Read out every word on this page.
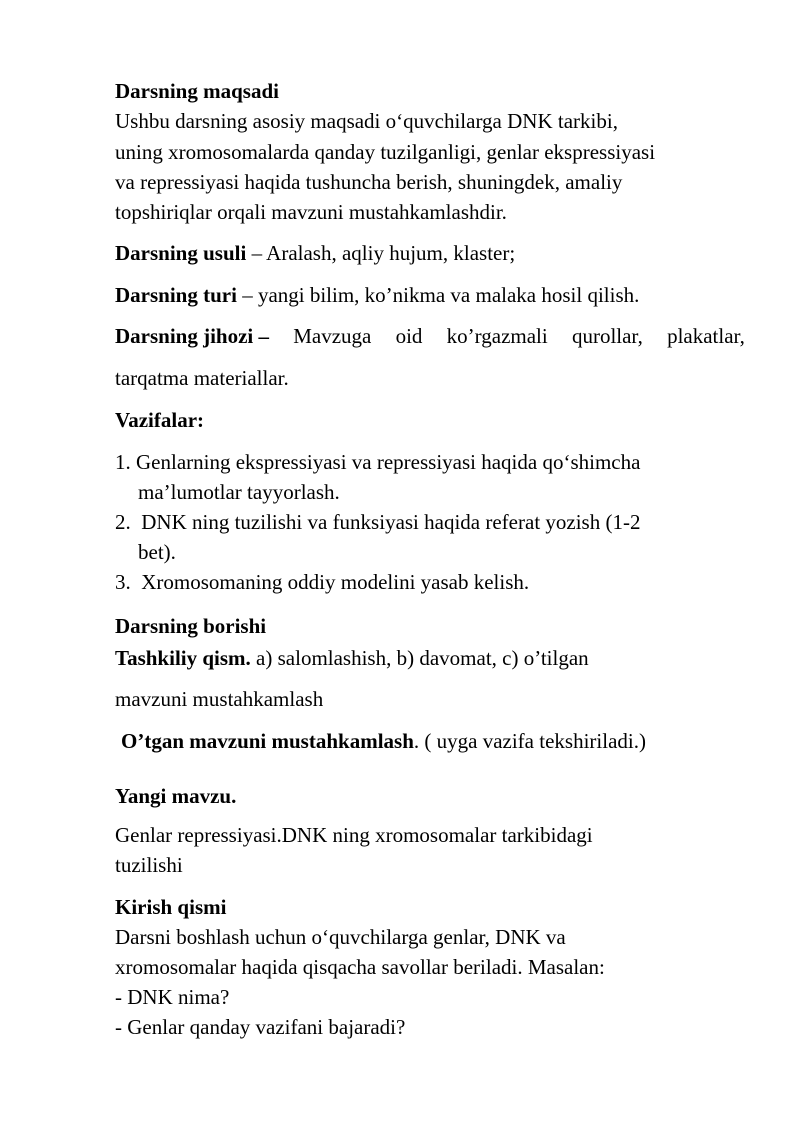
Darsning maqsadi
Ushbu darsning asosiy maqsadi o‘quvchilarga DNK tarkibi,
uning xromosomalarda qanday tuzilganligi, genlar ekspressiyasi
va repressiyasi haqida tushuncha berish, shuningdek, amaliy
topshiriqlar orqali mavzuni mustahkamlashdir.
Darsning usuli – Aralash, aqliy hujum, klaster;
Darsning turi – yangi bilim, ko’nikma va malaka hosil qilish.
Darsning jihozi – Mavzuga oid ko’rgazmali qurollar, plakatlar,
tarqatma materiallar.
Vazifalar:
1. Genlarning ekspressiyasi va repressiyasi haqida qo‘shimcha
ma’lumotlar tayyorlash.
2. DNK ning tuzilishi va funksiyasi haqida referat yozish (1-2
bet).
3. Xromosomaning oddiy modelini yasab kelish.
Darsning borishi
Tashkiliy qism. a) salomlashish, b) davomat, c) o’tilgan
mavzuni mustahkamlash
O’tgan mavzuni mustahkamlash. ( uyga vazifa tekshiriladi.)
Yangi mavzu.
Genlar repressiyasi.DNK ning xromosomalar tarkibidagi
tuzilishi
Kirish qismi
Darsni boshlash uchun o‘quvchilarga genlar, DNK va
xromosomalar haqida qisqacha savollar beriladi. Masalan:
- DNK nima?
- Genlar qanday vazifani bajaradi?
